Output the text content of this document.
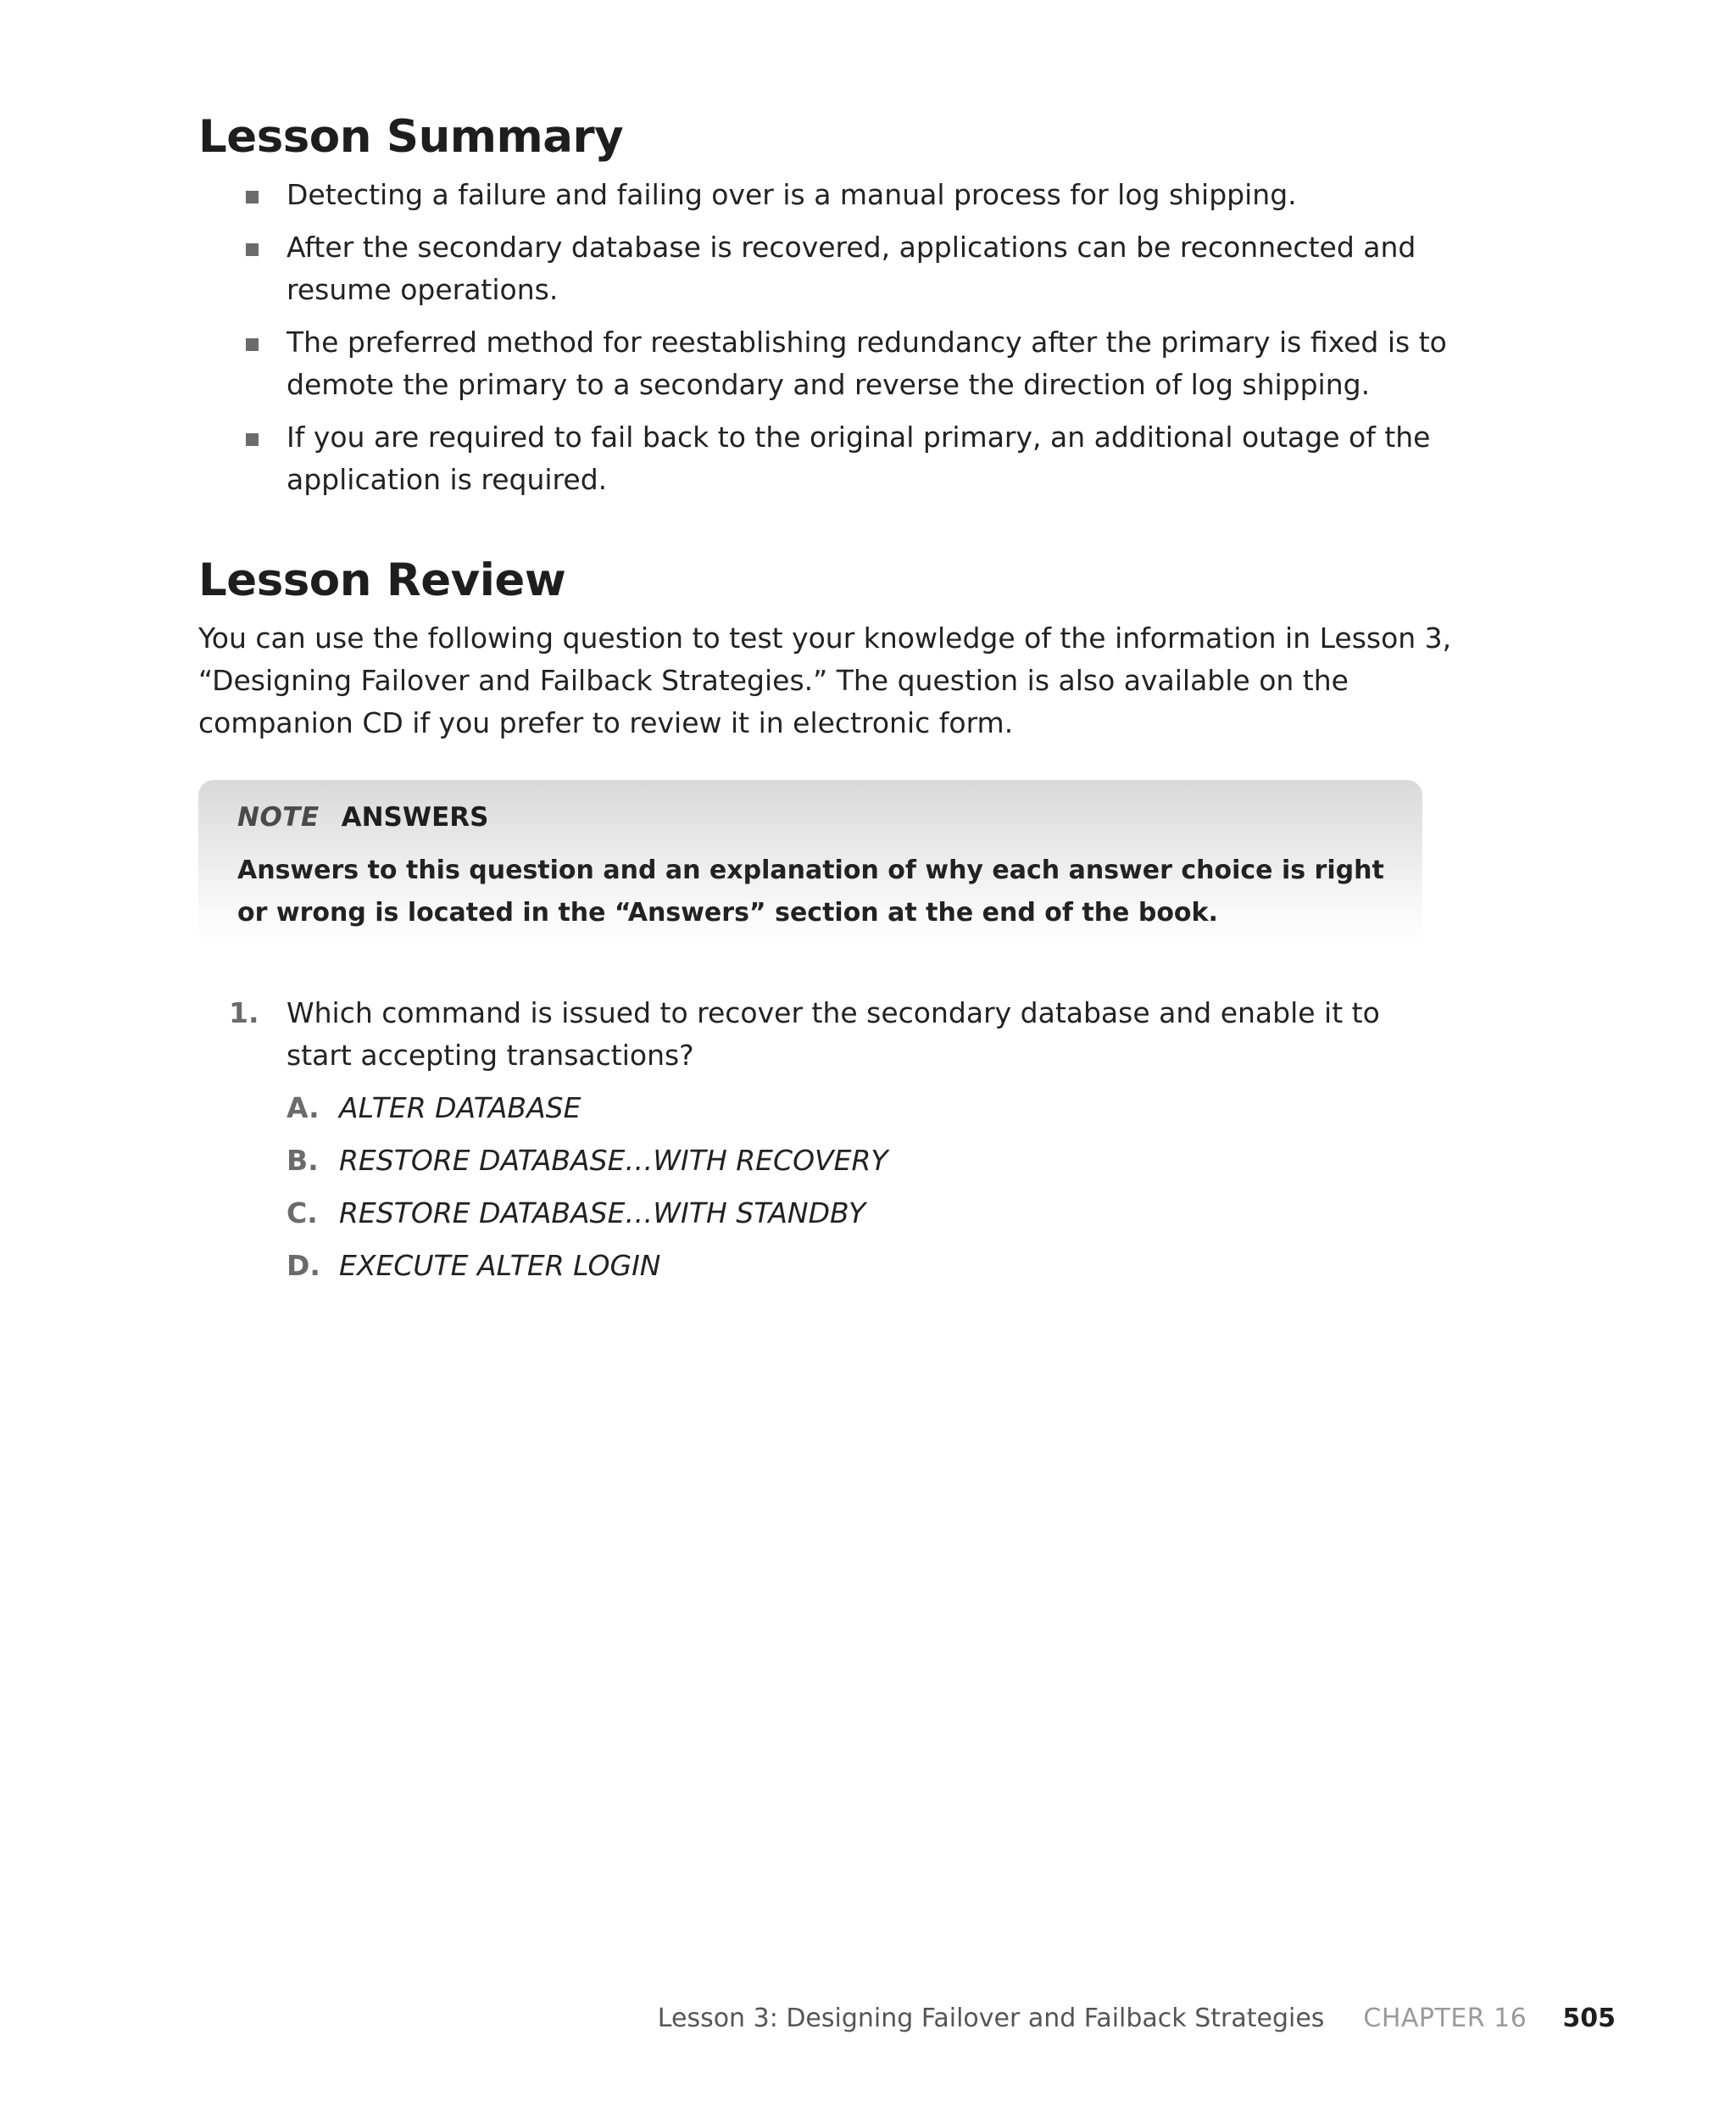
Lesson Summary
Detecting a failure and failing over is a manual process for log shipping.
After the secondary database is recovered, applications can be reconnected and resume operations.
The preferred method for reestablishing redundancy after the primary is fixed is to demote the primary to a secondary and reverse the direction of log shipping.
If you are required to fail back to the original primary, an additional outage of the application is required.
Lesson Review

You can use the following question to test your knowledge of the information in Lesson 3, “Designing Failover and Failback Strategies.” The question is also available on the companion CD if you prefer to review it in electronic form.

NOTE ANSWERS
Answers to this question and an explanation of why each answer choice is right or wrong is located in the “Answers” section at the end of the book.
1. Which command is issued to recover the secondary database and enable it to start accepting transactions?
A. ALTER DATABASE
B. RESTORE DATABASE…WITH RECOVERY
C. RESTORE DATABASE…WITH STANDBY
D. EXECUTE ALTER LOGIN
Lesson 3: Designing Failover and Failback Strategies CHAPTER 16 505
